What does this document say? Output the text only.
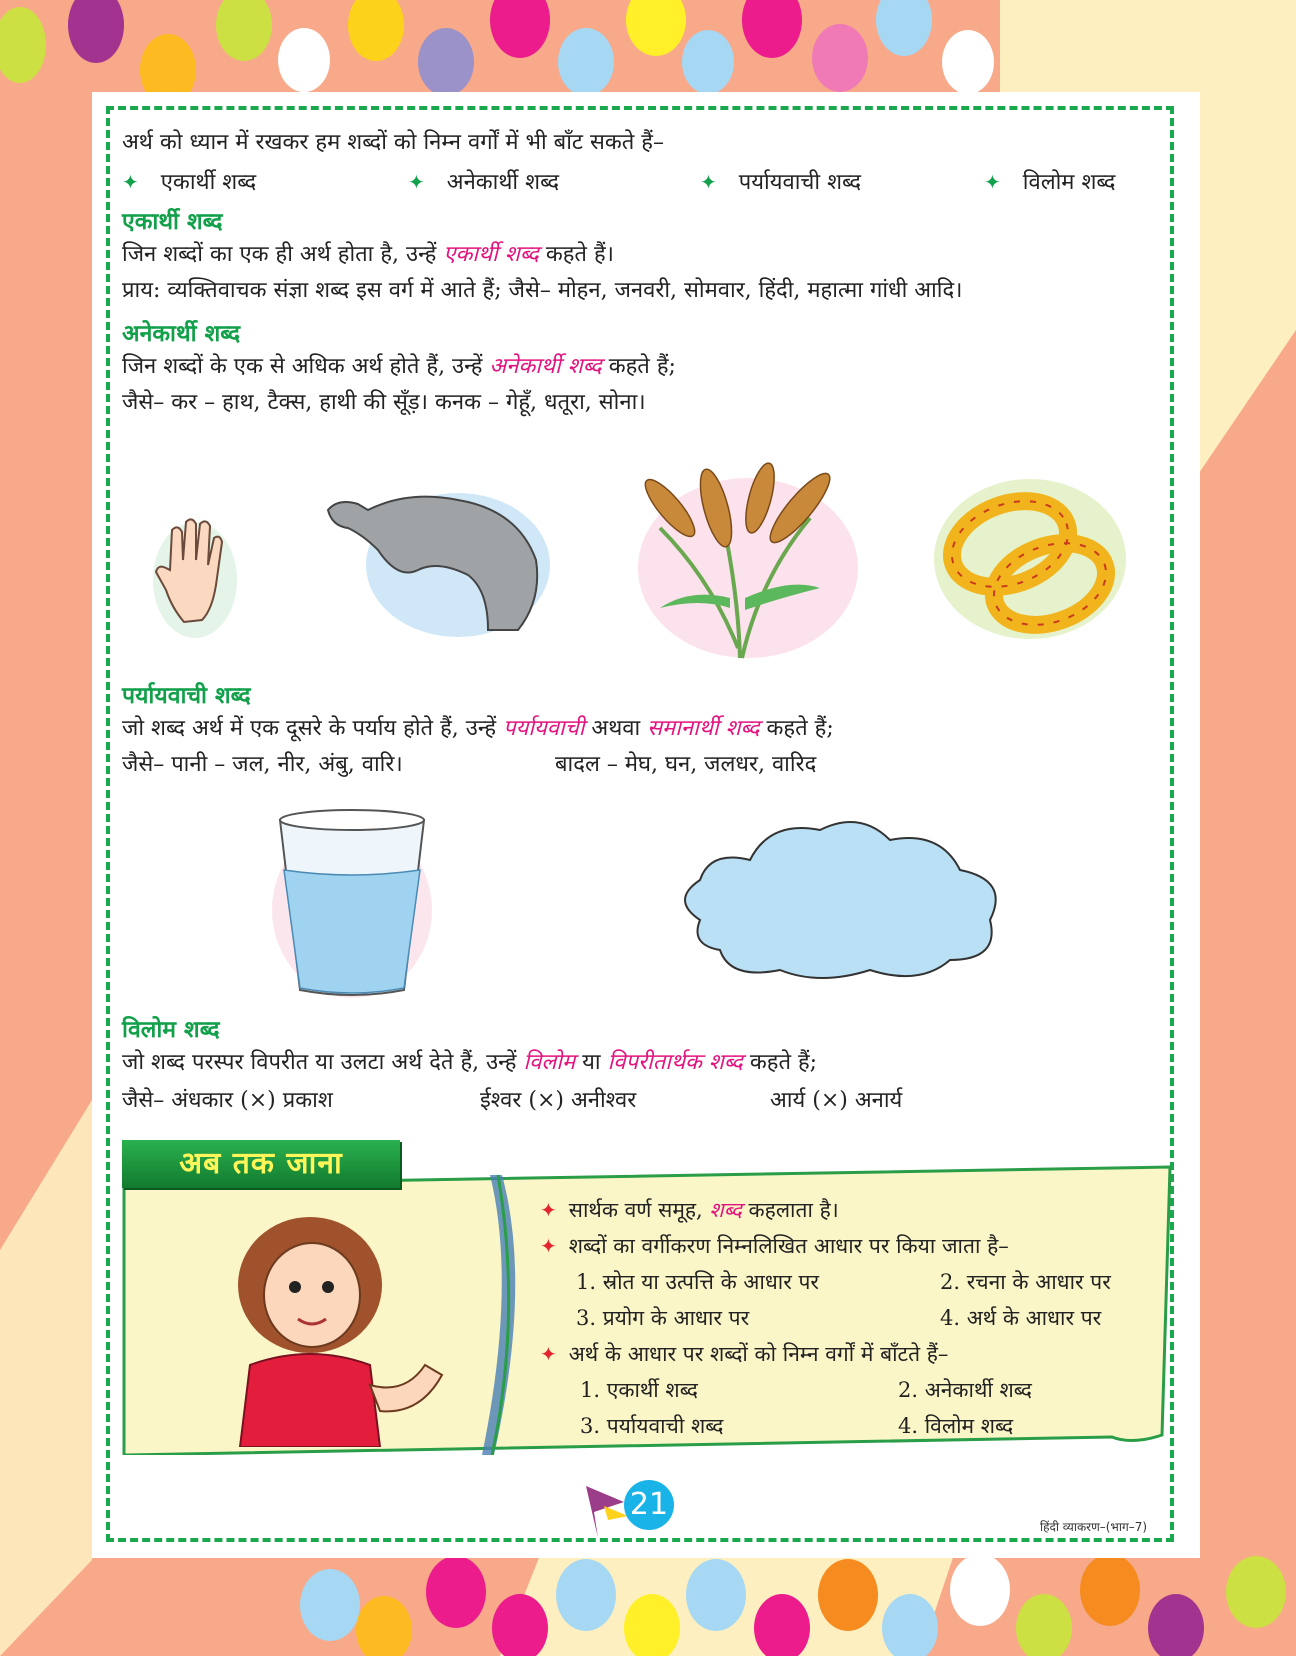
अर्थ को ध्यान में रखकर हम शब्दों को निम्न वर्गों में भी बाँट सकते हैं–
✦ एकार्थी शब्द	✦ अनेकार्थी शब्द	✦ पर्यायवाची शब्द	✦ विलोम शब्द
एकार्थी शब्द
जिन शब्दों का एक ही अर्थ होता है, उन्हें एकार्थी शब्द कहते हैं।
प्राय: व्यक्तिवाचक संज्ञा शब्द इस वर्ग में आते हैं; जैसे– मोहन, जनवरी, सोमवार, हिंदी, महात्मा गांधी आदि।
अनेकार्थी शब्द
जिन शब्दों के एक से अधिक अर्थ होते हैं, उन्हें अनेकार्थी शब्द कहते हैं;
जैसे– कर – हाथ, टैक्स, हाथी की सूँड़। कनक – गेहूँ, धतूरा, सोना।
पर्यायवाची शब्द
जो शब्द अर्थ में एक दूसरे के पर्याय होते हैं, उन्हें पर्यायवाची अथवा समानार्थी शब्द कहते हैं;
जैसे– पानी – जल, नीर, अंबु, वारि।	बादल – मेघ, घन, जलधर, वारिद
विलोम शब्द
जो शब्द परस्पर विपरीत या उलटा अर्थ देते हैं, उन्हें विलोम या विपरीतार्थक शब्द कहते हैं;
जैसे– अंधकार (×) प्रकाश	ईश्वर (×) अनीश्वर	आर्य (×) अनार्य
अब तक जाना
✦ सार्थक वर्ण समूह, शब्द कहलाता है।
✦ शब्दों का वर्गीकरण निम्नलिखित आधार पर किया जाता है–
1. स्रोत या उत्पत्ति के आधार पर	2. रचना के आधार पर
3. प्रयोग के आधार पर	4. अर्थ के आधार पर
✦ अर्थ के आधार पर शब्दों को निम्न वर्गों में बाँटते हैं–
1. एकार्थी शब्द	2. अनेकार्थी शब्द
3. पर्यायवाची शब्द	4. विलोम शब्द
21
हिंदी व्याकरण–(भाग–7)
